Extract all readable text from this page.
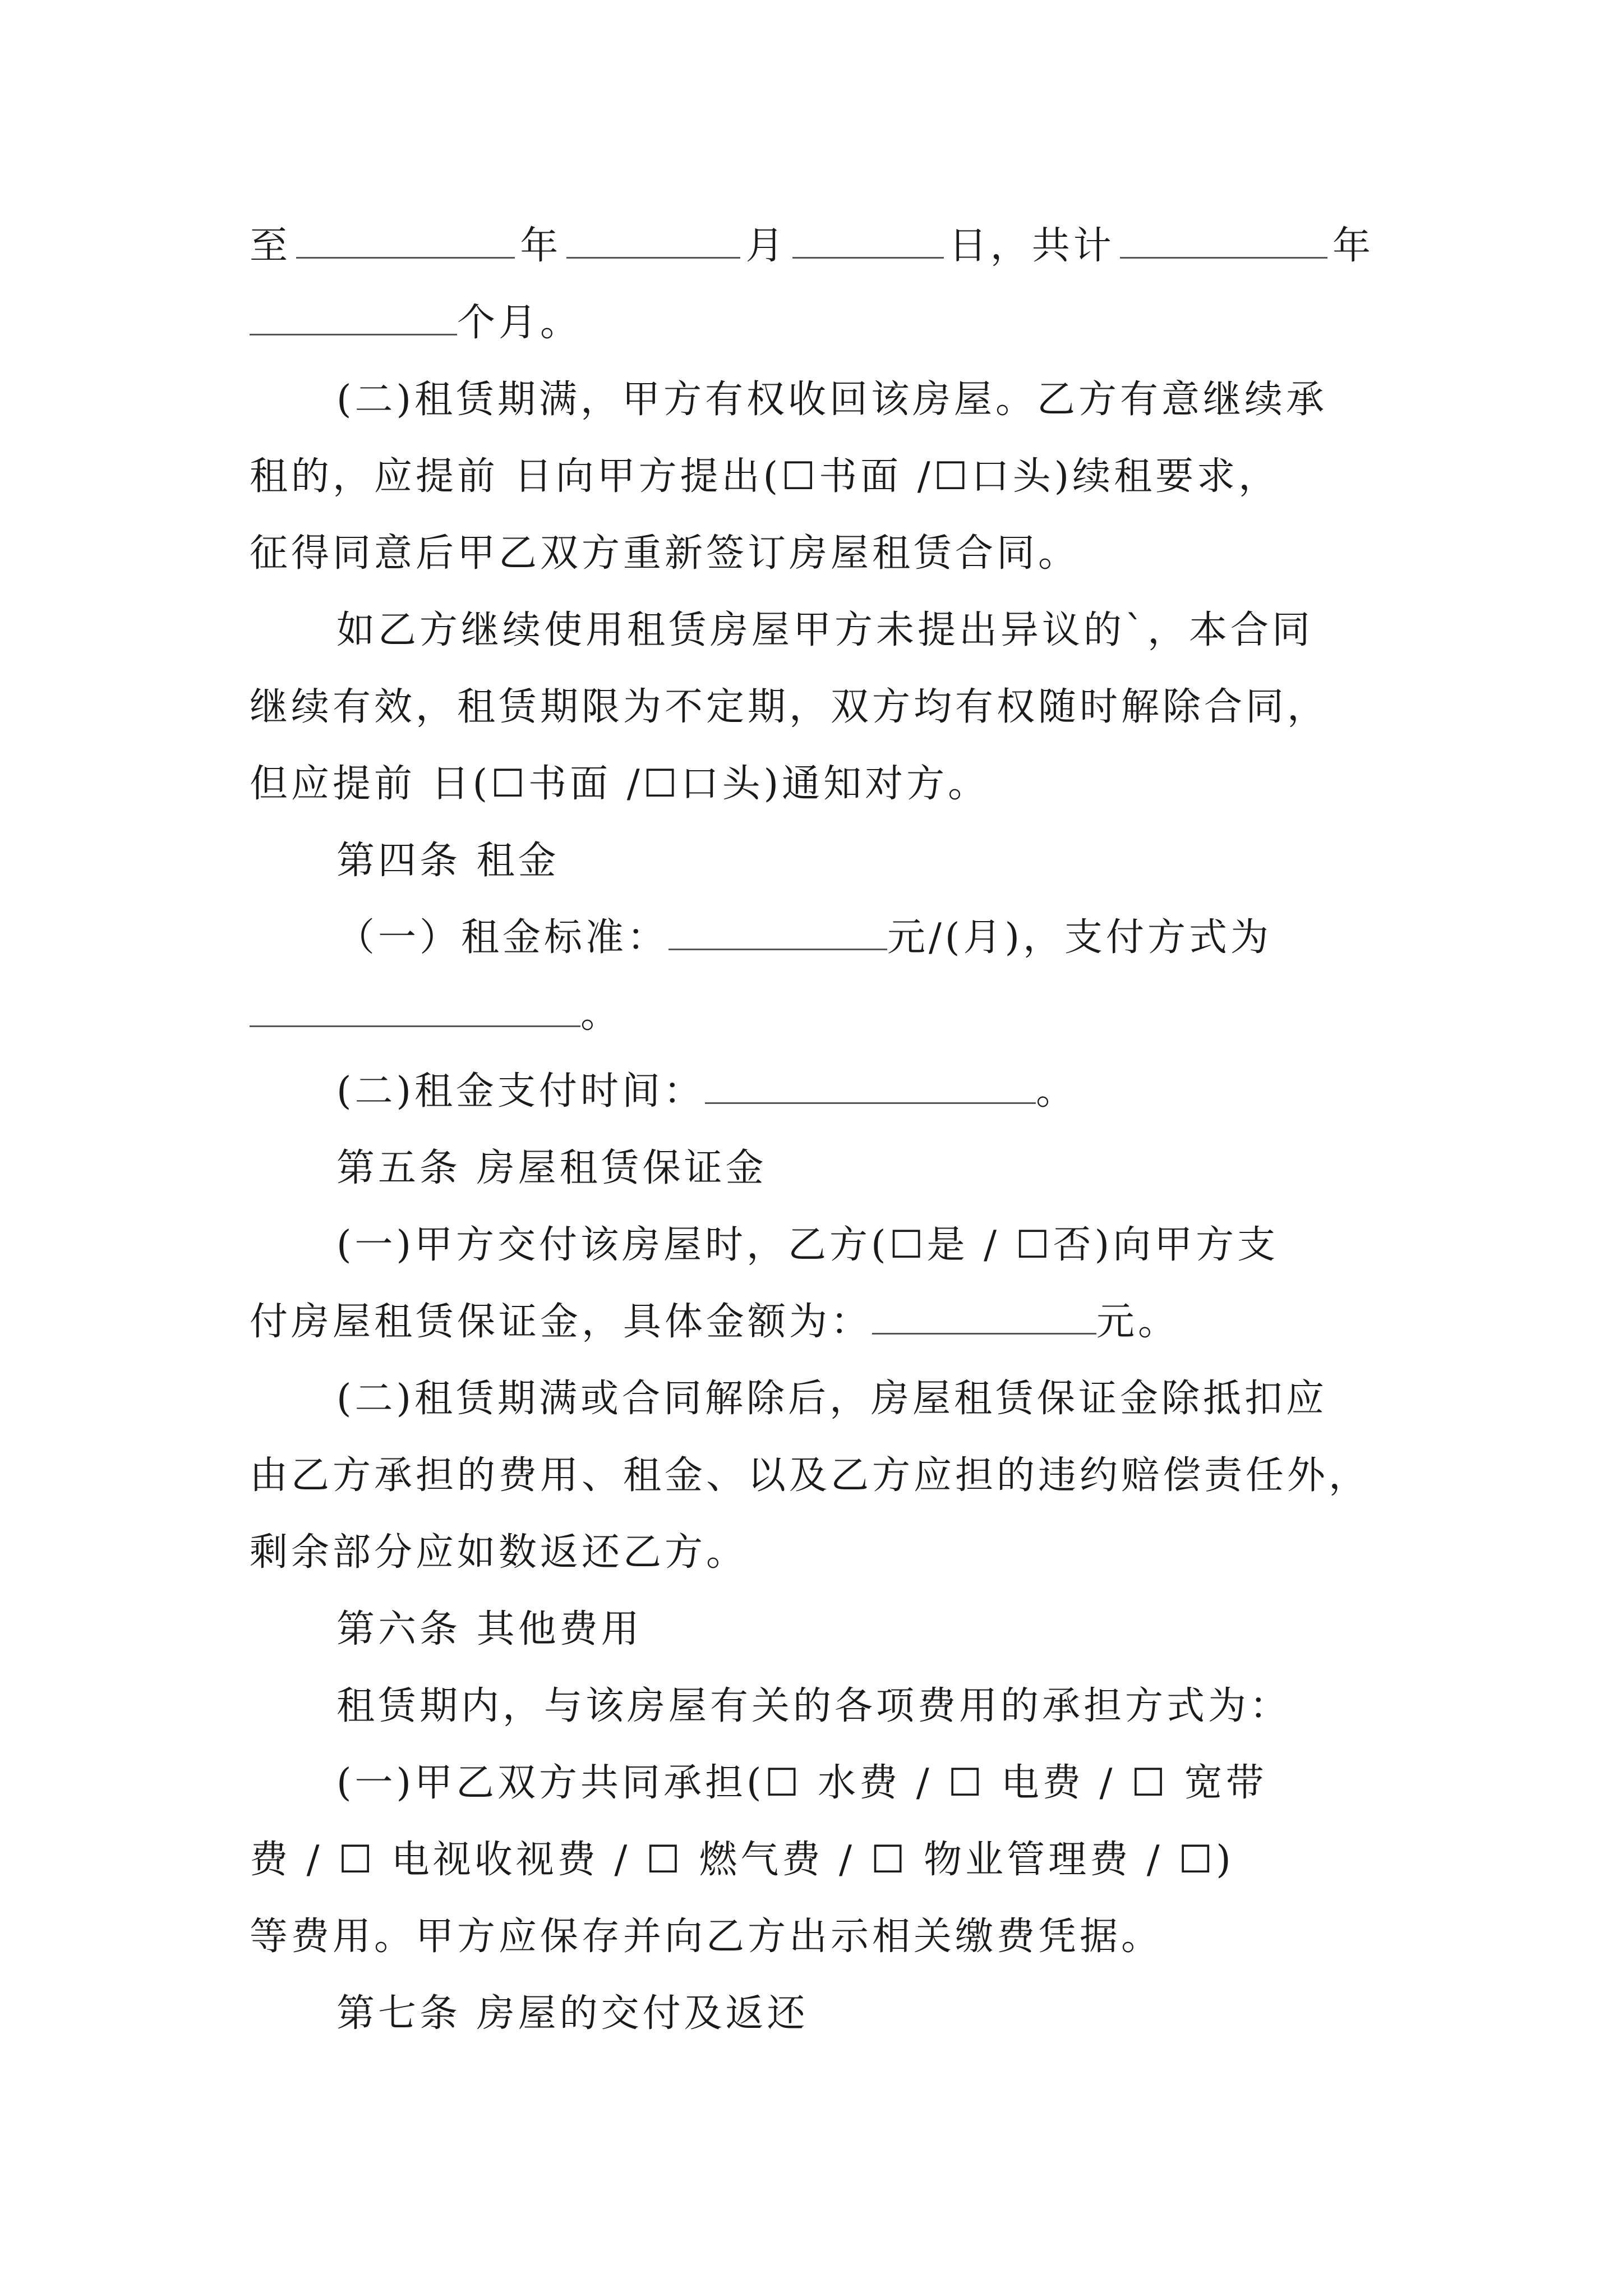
至	年	月	日，共计	年
个月。
(二)租赁期满，甲方有权收回该房屋。乙方有意继续承
租的，应提前 日向甲方提出(☐书面 /☐口头)续租要求，
征得同意后甲乙双方重新签订房屋租赁合同。
如乙方继续使用租赁房屋甲方未提出异议的`，本合同
继续有效，租赁期限为不定期，双方均有权随时解除合同，
但应提前 日(☐书面 /☐口头)通知对方。
第四条 租金
（一）租金标准：	元/(月)，支付方式为
。
(二)租金支付时间：	。
第五条 房屋租赁保证金
(一)甲方交付该房屋时，乙方(☐是 / ☐否)向甲方支
付房屋租赁保证金，具体金额为：	元。
(二)租赁期满或合同解除后，房屋租赁保证金除抵扣应
由乙方承担的费用、租金、以及乙方应担的违约赔偿责任外，
剩余部分应如数返还乙方。
第六条 其他费用
租赁期内，与该房屋有关的各项费用的承担方式为：
(一)甲乙双方共同承担(☐ 水费 / ☐ 电费 / ☐ 宽带
费 / ☐ 电视收视费 / ☐ 燃气费 / ☐ 物业管理费 / ☐)
等费用。甲方应保存并向乙方出示相关缴费凭据。
第七条 房屋的交付及返还
